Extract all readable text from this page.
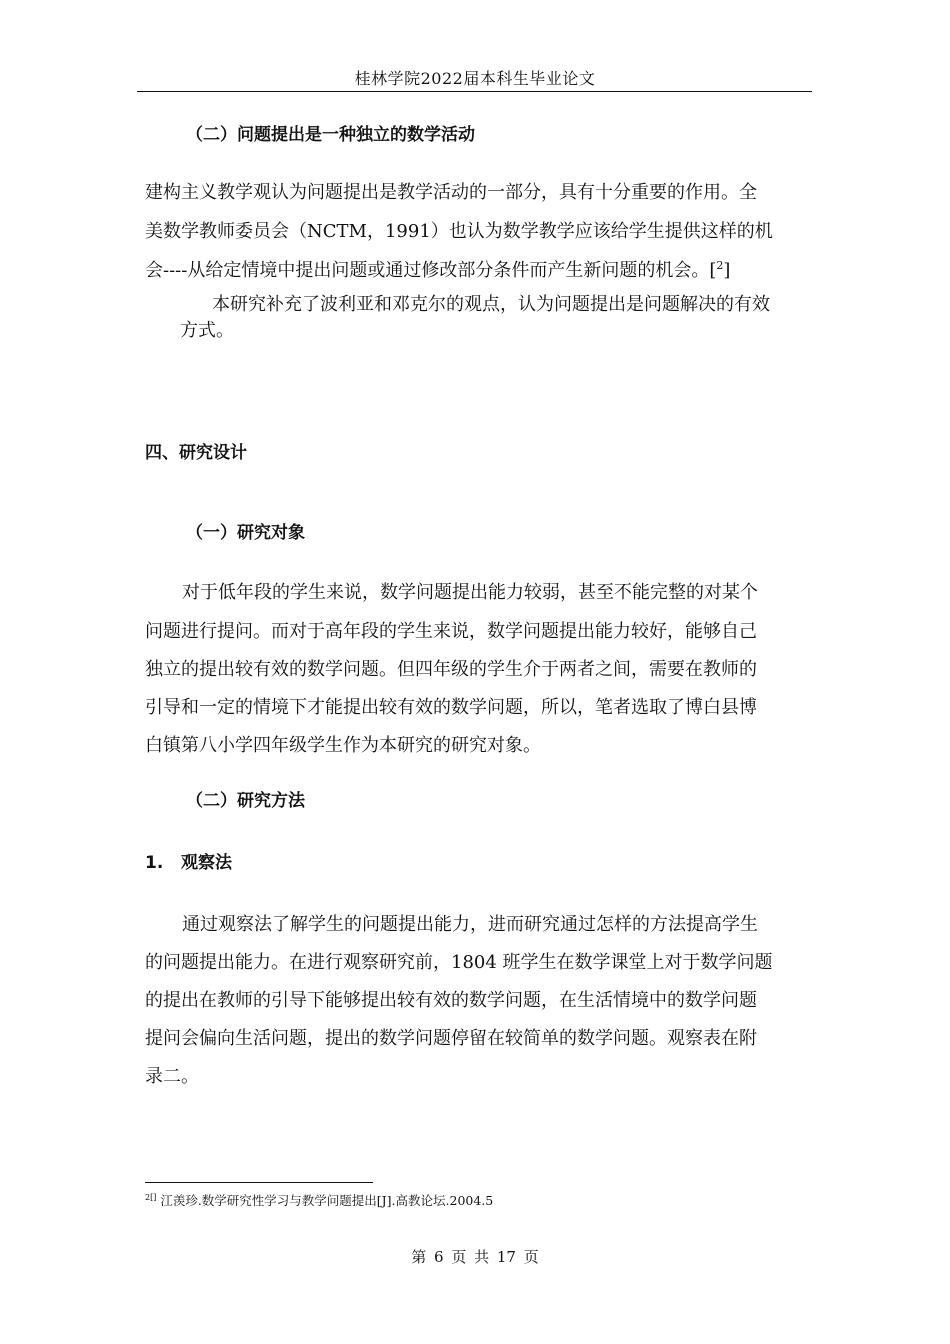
桂林学院2022届本科生毕业论文
（二）问题提出是一种独立的数学活动
建构主义教学观认为问题提出是教学活动的一部分，具有十分重要的作用。全
美数学教师委员会（NCTM，1991）也认为数学教学应该给学生提供这样的机
会----从给定情境中提出问题或通过修改部分条件而产生新问题的机会。[$^2$]
本研究补充了波利亚和邓克尔的观点，认为问题提出是问题解决的有效
方式。
四、研究设计
（一）研究对象
对于低年段的学生来说，数学问题提出能力较弱，甚至不能完整的对某个
问题进行提问。而对于高年段的学生来说，数学问题提出能力较好，能够自己
独立的提出较有效的数学问题。但四年级的学生介于两者之间，需要在教师的
引导和一定的情境下才能提出较有效的数学问题，所以，笔者选取了博白县博
白镇第八小学四年级学生作为本研究的研究对象。
（二）研究方法
1.   观察法
通过观察法了解学生的问题提出能力，进而研究通过怎样的方法提高学生
的问题提出能力。在进行观察研究前，1804 班学生在数学课堂上对于数学问题
的提出在教师的引导下能够提出较有效的数学问题，在生活情境中的数学问题
提问会偏向生活问题，提出的数学问题停留在较简单的数学问题。观察表在附
录二。
$^{2[]}$ 江羡珍.数学研究性学习与教学问题提出[J].高教论坛.2004.5
第 6 页 共 17 页
